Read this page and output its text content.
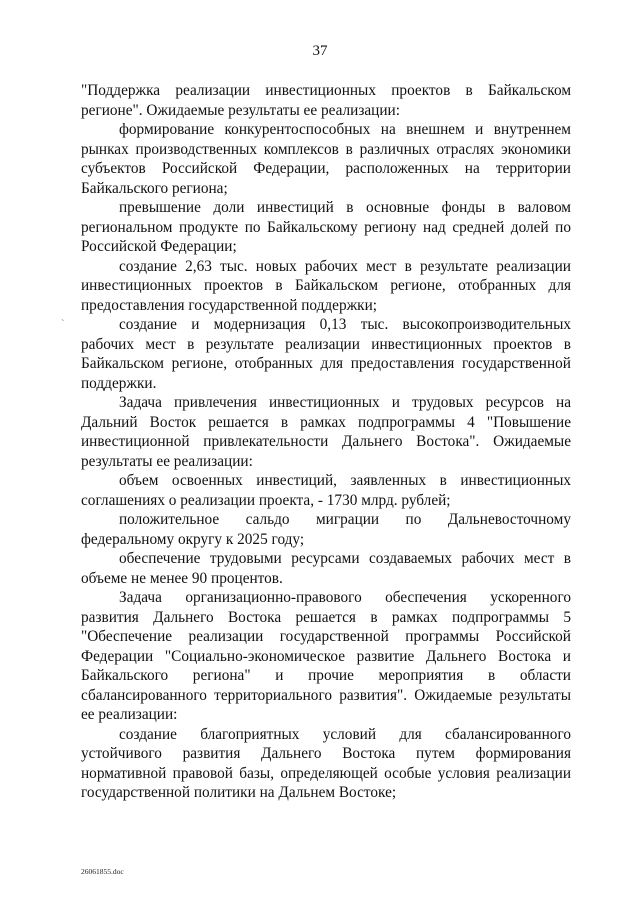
37
`

"Поддержка реализации инвестиционных проектов в Байкальском регионе". Ожидаемые результаты ее реализации:

формирование конкурентоспособных на внешнем и внутреннем рынках производственных комплексов в различных отраслях экономики субъектов Российской Федерации, расположенных на территории Байкальского региона;

превышение доли инвестиций в основные фонды в валовом региональном продукте по Байкальскому региону над средней долей по Российской Федерации;

создание 2,63 тыс. новых рабочих мест в результате реализации инвестиционных проектов в Байкальском регионе, отобранных для предоставления государственной поддержки;

создание и модернизация 0,13 тыс. высокопроизводительных рабочих мест в результате реализации инвестиционных проектов в Байкальском регионе, отобранных для предоставления государственной поддержки.

Задача привлечения инвестиционных и трудовых ресурсов на Дальний Восток решается в рамках подпрограммы 4 "Повышение инвестиционной привлекательности Дальнего Востока". Ожидаемые результаты ее реализации:

объем освоенных инвестиций, заявленных в инвестиционных соглашениях о реализации проекта, - 1730 млрд. рублей;

положительное сальдо миграции по Дальневосточному федеральному округу к 2025 году;

обеспечение трудовыми ресурсами создаваемых рабочих мест в объеме не менее 90 процентов.

Задача организационно-правового обеспечения ускоренного развития Дальнего Востока решается в рамках подпрограммы 5 "Обеспечение реализации государственной программы Российской Федерации "Социально-экономическое развитие Дальнего Востока и Байкальского региона" и прочие мероприятия в области сбалансированного территориального развития". Ожидаемые результаты ее реализации:

создание благоприятных условий для сбалансированного устойчивого развития Дальнего Востока путем формирования нормативной правовой базы, определяющей особые условия реализации государственной политики на Дальнем Востоке;

26061855.doc
